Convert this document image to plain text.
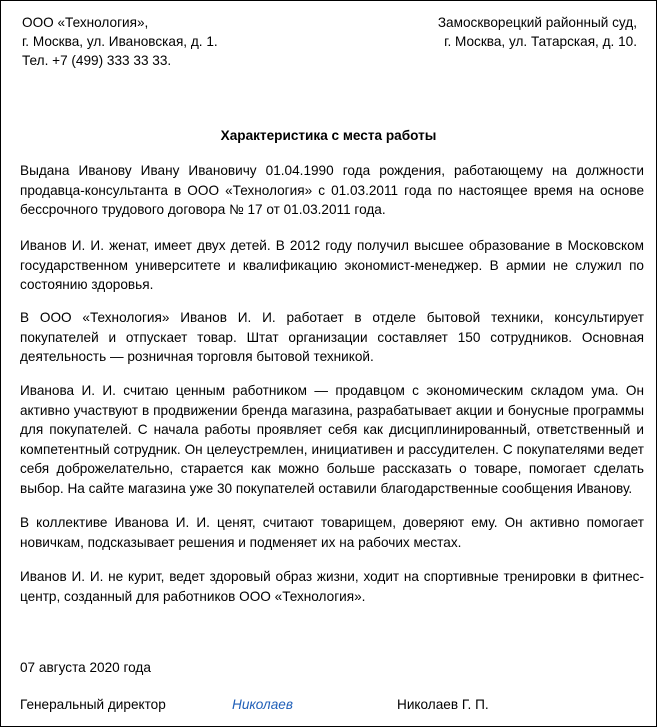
ООО «Технология»,
г. Москва, ул. Ивановская, д. 1.
Тел. +7 (499) 333 33 33.
Замоскворецкий районный суд,
г. Москва, ул. Татарская, д. 10.
Характеристика с места работы

Выдана Иванову Ивану Ивановичу 01.04.1990 года рождения, работающему на должности продавца-консультанта в ООО «Технология» с 01.03.2011 года по настоящее время на основе бессрочного трудового договора № 17 от 01.03.2011 года.

Иванов И. И. женат, имеет двух детей. В 2012 году получил высшее образование в Московском государственном университете и квалификацию экономист-менеджер. В армии не служил по состоянию здоровья.

В ООО «Технология» Иванов И. И. работает в отделе бытовой техники, консультирует покупателей и отпускает товар. Штат организации составляет 150 сотрудников. Основная деятельность — розничная торговля бытовой техникой.

Иванова И. И. считаю ценным работником — продавцом с экономическим складом ума. Он активно участвуют в продвижении бренда магазина, разрабатывает акции и бонусные программы для покупателей. С начала работы проявляет себя как дисциплинированный, ответственный и компетентный сотрудник. Он целеустремлен, инициативен и рассудителен. С покупателями ведет себя доброжелательно, старается как можно больше рассказать о товаре, помогает сделать выбор. На сайте магазина уже 30 покупателей оставили благодарственные сообщения Иванову.

В коллективе Иванова И. И. ценят, считают товарищем, доверяют ему. Он активно помогает новичкам, подсказывает решения и подменяет их на рабочих местах.

Иванов И. И. не курит, ведет здоровый образ жизни, ходит на спортивные тренировки в фитнес-центр, созданный для работников ООО «Технология».

07 августа 2020 года
Генеральный директор	Николаев	Николаев Г. П.
